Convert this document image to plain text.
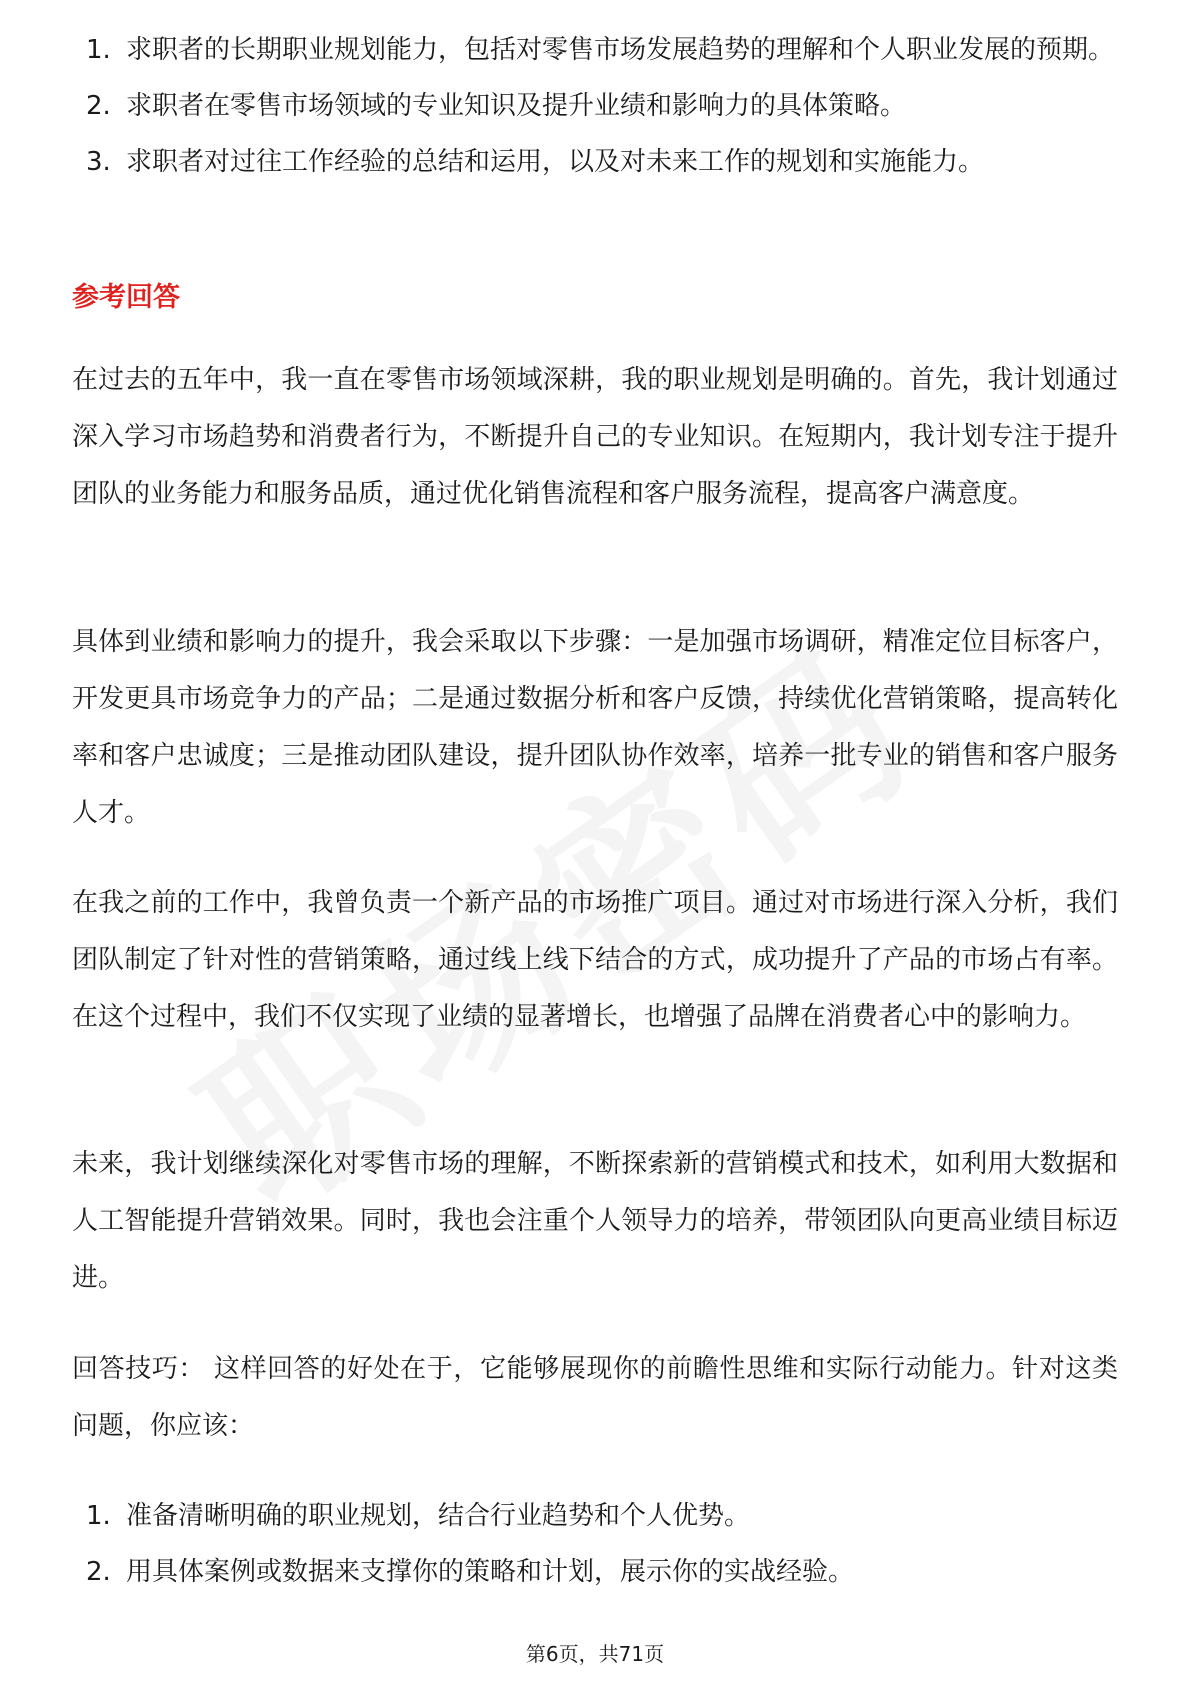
1. 求职者的长期职业规划能力，包括对零售市场发展趋势的理解和个人职业发展的预期。
2. 求职者在零售市场领域的专业知识及提升业绩和影响力的具体策略。
3. 求职者对过往工作经验的总结和运用，以及对未来工作的规划和实施能力。
参考回答

在过去的五年中，我一直在零售市场领域深耕，我的职业规划是明确的。首先，我计划通过深入学习市场趋势和消费者行为，不断提升自己的专业知识。在短期内，我计划专注于提升团队的业务能力和服务品质，通过优化销售流程和客户服务流程，提高客户满意度。

具体到业绩和影响力的提升，我会采取以下步骤：一是加强市场调研，精准定位目标客户，开发更具市场竞争力的产品；二是通过数据分析和客户反馈，持续优化营销策略，提高转化率和客户忠诚度；三是推动团队建设，提升团队协作效率，培养一批专业的销售和客户服务人才。

在我之前的工作中，我曾负责一个新产品的市场推广项目。通过对市场进行深入分析，我们团队制定了针对性的营销策略，通过线上线下结合的方式，成功提升了产品的市场占有率。在这个过程中，我们不仅实现了业绩的显著增长，也增强了品牌在消费者心中的影响力。

未来，我计划继续深化对零售市场的理解，不断探索新的营销模式和技术，如利用大数据和人工智能提升营销效果。同时，我也会注重个人领导力的培养，带领团队向更高业绩目标迈进。

回答技巧： 这样回答的好处在于，它能够展现你的前瞻性思维和实际行动能力。针对这类问题，你应该：

1. 准备清晰明确的职业规划，结合行业趋势和个人优势。
2. 用具体案例或数据来支撑你的策略和计划，展示你的实战经验。
第6页，共71页
